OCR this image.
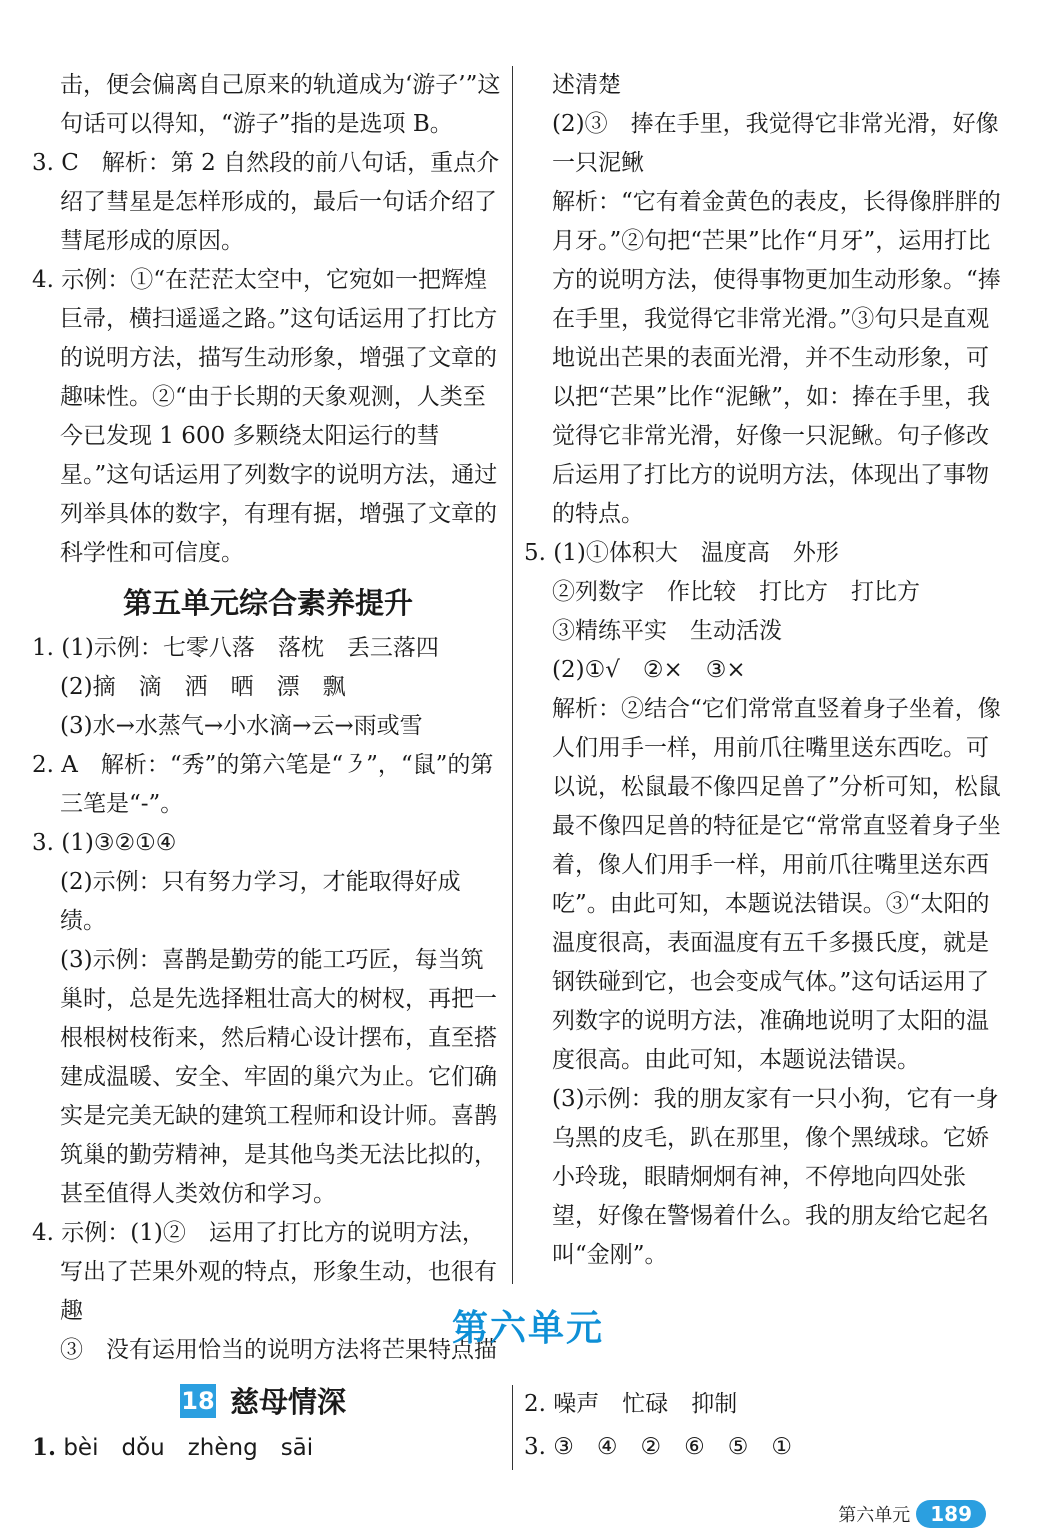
击，便会偏离自己原来的轨道成为‘游子’”这句话可以得知，“游子”指的是选项 B。

3. C　解析：第 2 自然段的前八句话，重点介绍了彗星是怎样形成的，最后一句话介绍了彗尾形成的原因。

4. 示例：①“在茫茫太空中，它宛如一把辉煌巨帚，横扫遥遥之路。”这句话运用了打比方的说明方法，描写生动形象，增强了文章的趣味性。②“由于长期的天象观测，人类至今已发现 1 600 多颗绕太阳运行的彗星。”这句话运用了列数字的说明方法，通过列举具体的数字，有理有据，增强了文章的科学性和可信度。

第五单元综合素养提升

1. (1)示例：七零八落　落枕　丢三落四

(2)摘　滴　洒　晒　漂　飘

(3)水→水蒸气→小水滴→云→雨或雪

2. A　解析：“秀”的第六笔是“㇋”，“鼠”的第三笔是“-”。

3. (1)③②①④

(2)示例：只有努力学习，才能取得好成绩。

(3)示例：喜鹊是勤劳的能工巧匠，每当筑巢时，总是先选择粗壮高大的树杈，再把一根根树枝衔来，然后精心设计摆布，直至搭建成温暖、安全、牢固的巢穴为止。它们确实是完美无缺的建筑工程师和设计师。喜鹊筑巢的勤劳精神，是其他鸟类无法比拟的，甚至值得人类效仿和学习。

4. 示例：(1)②　运用了打比方的说明方法，写出了芒果外观的特点，形象生动，也很有趣

③　没有运用恰当的说明方法将芒果特点描

述清楚

(2)③　捧在手里，我觉得它非常光滑，好像一只泥鳅

解析：“它有着金黄色的表皮，长得像胖胖的月牙。”②句把“芒果”比作“月牙”，运用打比方的说明方法，使得事物更加生动形象。“捧在手里，我觉得它非常光滑。”③句只是直观地说出芒果的表面光滑，并不生动形象，可以把“芒果”比作“泥鳅”，如：捧在手里，我觉得它非常光滑，好像一只泥鳅。句子修改后运用了打比方的说明方法，体现出了事物的特点。

5. (1)①体积大　温度高　外形

②列数字　作比较　打比方　打比方

③精练平实　生动活泼

(2)①√　②×　③×

解析：②结合“它们常常直竖着身子坐着，像人们用手一样，用前爪往嘴里送东西吃。可以说，松鼠最不像四足兽了”分析可知，松鼠最不像四足兽的特征是它“常常直竖着身子坐着，像人们用手一样，用前爪往嘴里送东西吃”。由此可知，本题说法错误。③“太阳的温度很高，表面温度有五千多摄氏度，就是钢铁碰到它，也会变成气体。”这句话运用了列数字的说明方法，准确地说明了太阳的温度很高。由此可知，本题说法错误。

(3)示例：我的朋友家有一只小狗，它有一身乌黑的皮毛，趴在那里，像个黑绒球。它娇小玲珑，眼睛炯炯有神，不停地向四处张望，好像在警惕着什么。我的朋友给它起名叫“金刚”。

第六单元
18 慈母情深

1. bèi　dǒu　zhèng　sāi

2. 噪声　忙碌　抑制

3. ③　④　②　⑥　⑤　①

第六单元	189
